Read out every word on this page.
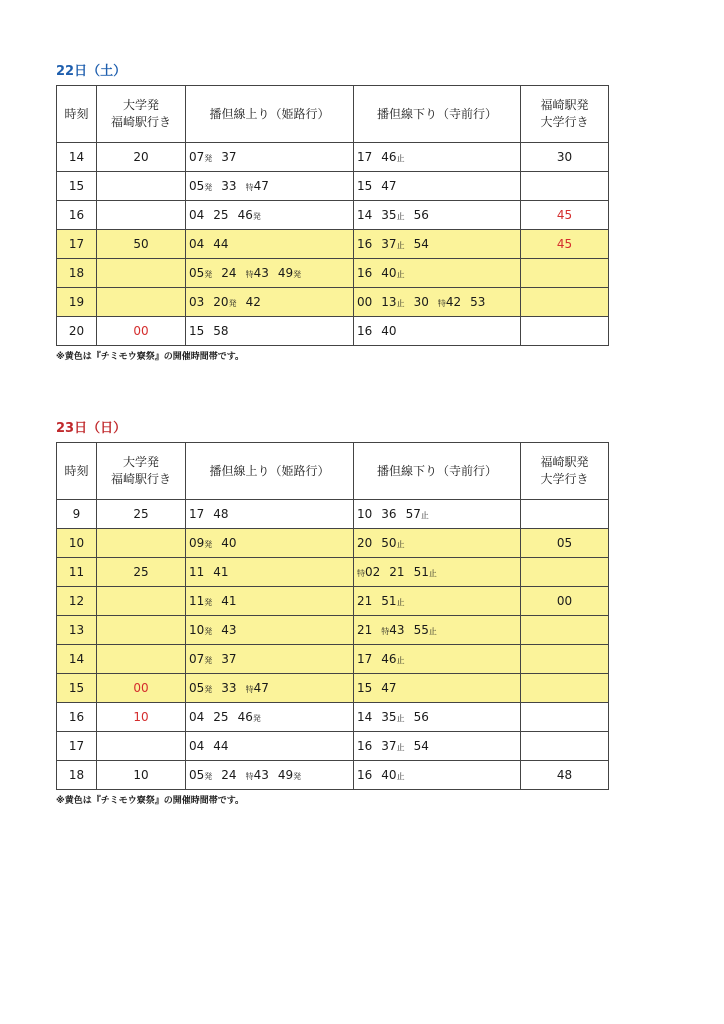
22日（土）
時刻	大学発
福崎駅行き	播但線上り（姫路行）	播但線下り（寺前行）	福崎駅発
大学行き
14	20	07発 37	17 46止	30
15		05発 33 特47	15 47	
16		04 25 46発	14 35止 56	45
17	50	04 44	16 37止 54	45
18		05発 24 特43 49発	16 40止	
19		03 20発 42	00 13止 30 特42 53	
20	00	15 58	16 40	
※黄色は『チミモウ寮祭』の開催時間帯です。
23日（日）
時刻	大学発
福崎駅行き	播但線上り（姫路行）	播但線下り（寺前行）	福崎駅発
大学行き
9	25	17 48	10 36 57止	
10		09発 40	20 50止	05
11	25	11 41	特02 21 51止	
12		11発 41	21 51止	00
13		10発 43	21 特43 55止	
14		07発 37	17 46止	
15	00	05発 33 特47	15 47	
16	10	04 25 46発	14 35止 56	
17		04 44	16 37止 54	
18	10	05発 24 特43 49発	16 40止	48
※黄色は『チミモウ寮祭』の開催時間帯です。
